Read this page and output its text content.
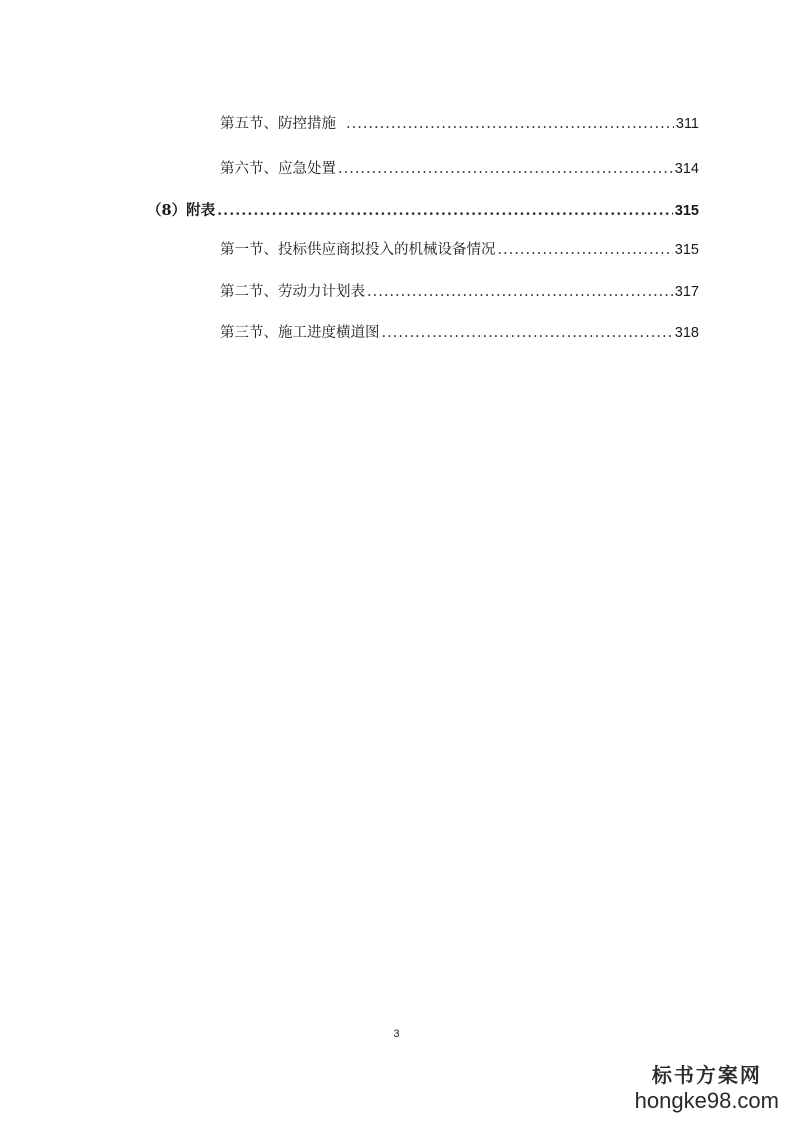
第五节、防控措施 .....	311
第六节、应急处置 .....	314
（8）附表 .....	315
第一节、投标供应商拟投入的机械设备情况 .....	315
第二节、劳动力计划表 .....	317
第三节、施工进度横道图 .....	318
3
标书方案网
hongke98.com
